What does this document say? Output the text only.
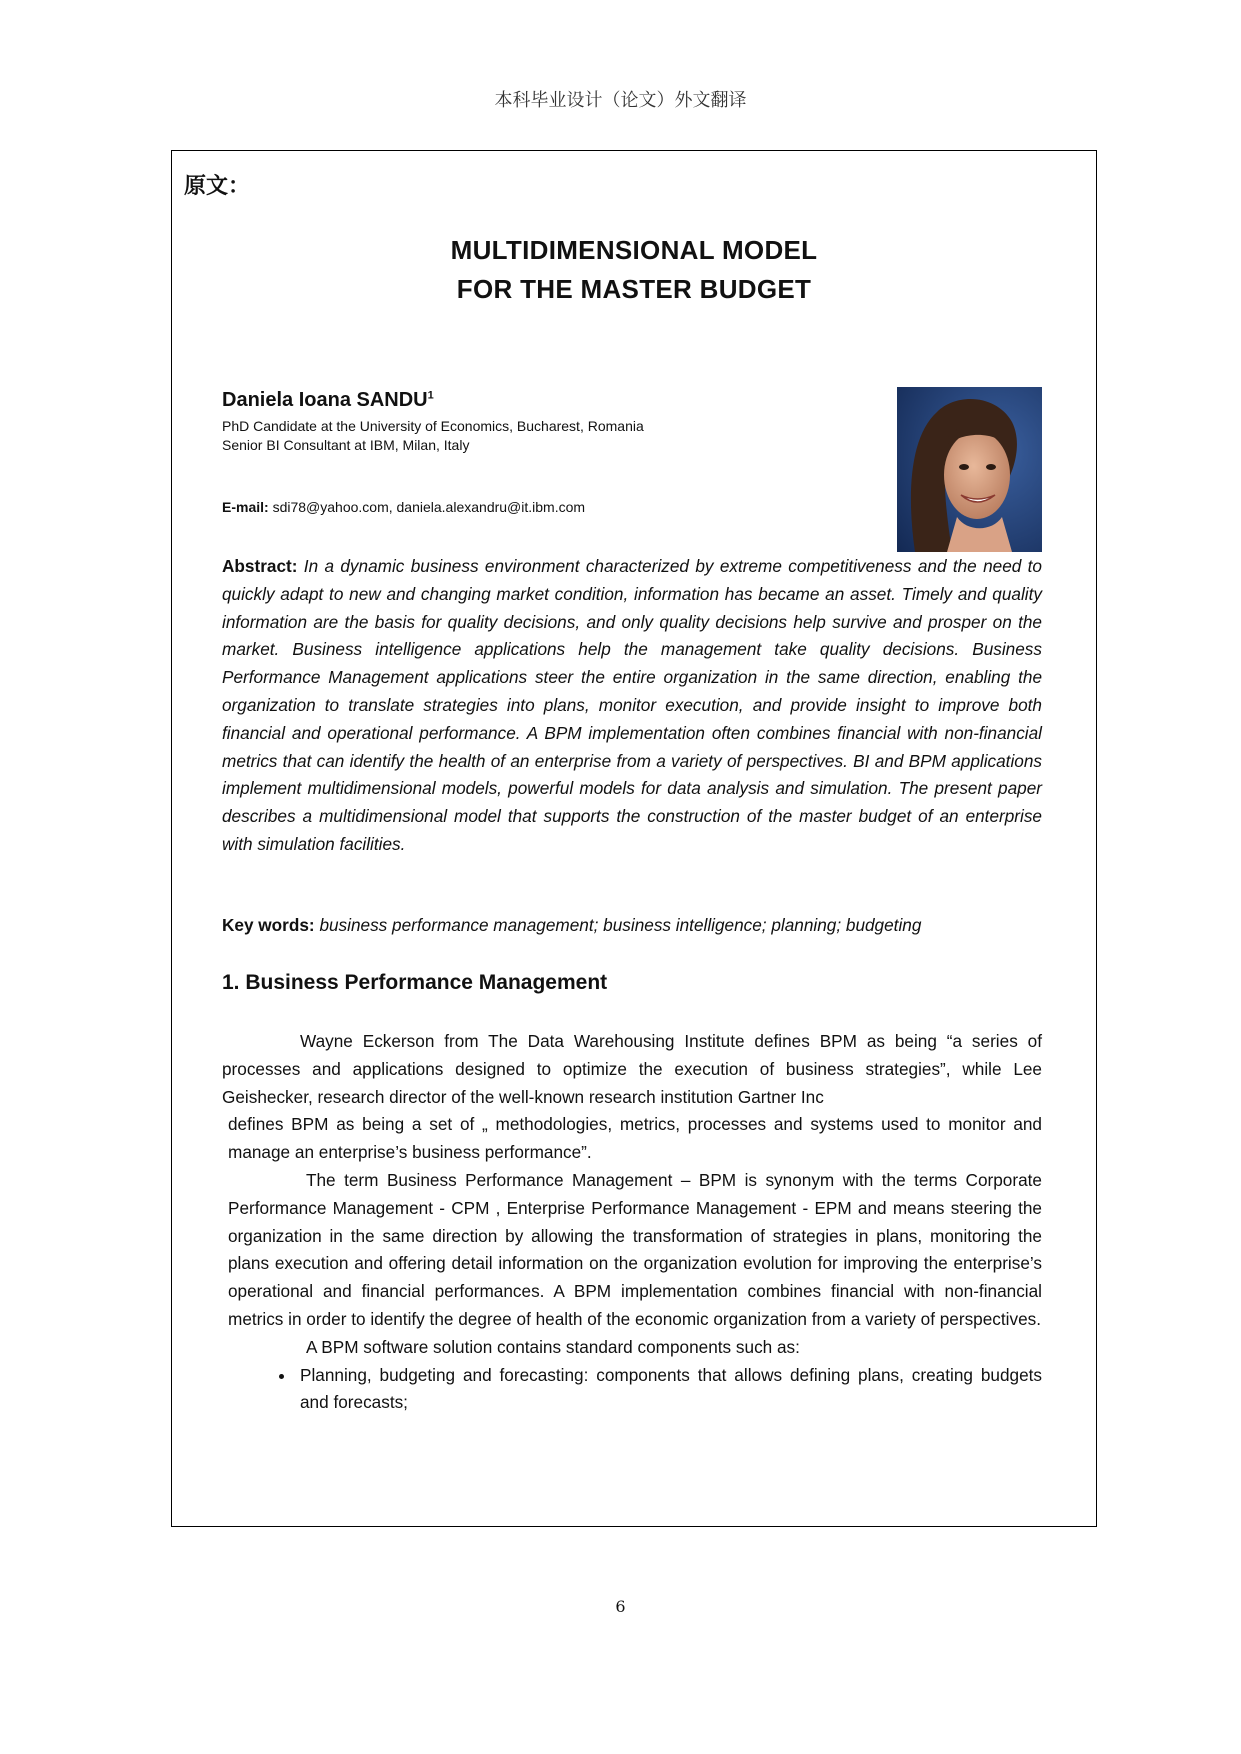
本科毕业设计（论文）外文翻译
原文：
MULTIDIMENSIONAL MODEL
FOR THE MASTER BUDGET
Daniela Ioana SANDU$^1$
PhD Candidate at the University of Economics, Bucharest, Romania
Senior BI Consultant at IBM, Milan, Italy
E-mail: sdi78@yahoo.com, daniela.alexandru@it.ibm.com
Abstract: In a dynamic business environment characterized by extreme competitiveness and the need to quickly adapt to new and changing market condition, information has became an asset. Timely and quality information are the basis for quality decisions, and only quality decisions help survive and prosper on the market. Business intelligence applications help the management take quality decisions. Business Performance Management applications steer the entire organization in the same direction, enabling the organization to translate strategies into plans, monitor execution, and provide insight to improve both financial and operational performance. A BPM implementation often combines financial with non-financial metrics that can identify the health of an enterprise from a variety of perspectives. BI and BPM applications implement multidimensional models, powerful models for data analysis and simulation. The present paper describes a multidimensional model that supports the construction of the master budget of an enterprise with simulation facilities.
Key words: business performance management; business intelligence; planning; budgeting
1. Business Performance Management

Wayne Eckerson from The Data Warehousing Institute defines BPM as being “a series of processes and applications designed to optimize the execution of business strategies”, while Lee Geishecker, research director of the well-known research institution Gartner Inc

defines BPM as being a set of „ methodologies, metrics, processes and systems used to monitor and manage an enterprise’s business performance”.

The term Business Performance Management – BPM is synonym with the terms Corporate Performance Management - CPM , Enterprise Performance Management - EPM and means steering the organization in the same direction by allowing the transformation of strategies in plans, monitoring the plans execution and offering detail information on the organization evolution for improving the enterprise’s operational and financial performances. A BPM implementation combines financial with non-financial metrics in order to identify the degree of health of the economic organization from a variety of perspectives.

A BPM software solution contains standard components such as:

• Planning, budgeting and forecasting: components that allows defining plans, creating budgets and forecasts;
6
